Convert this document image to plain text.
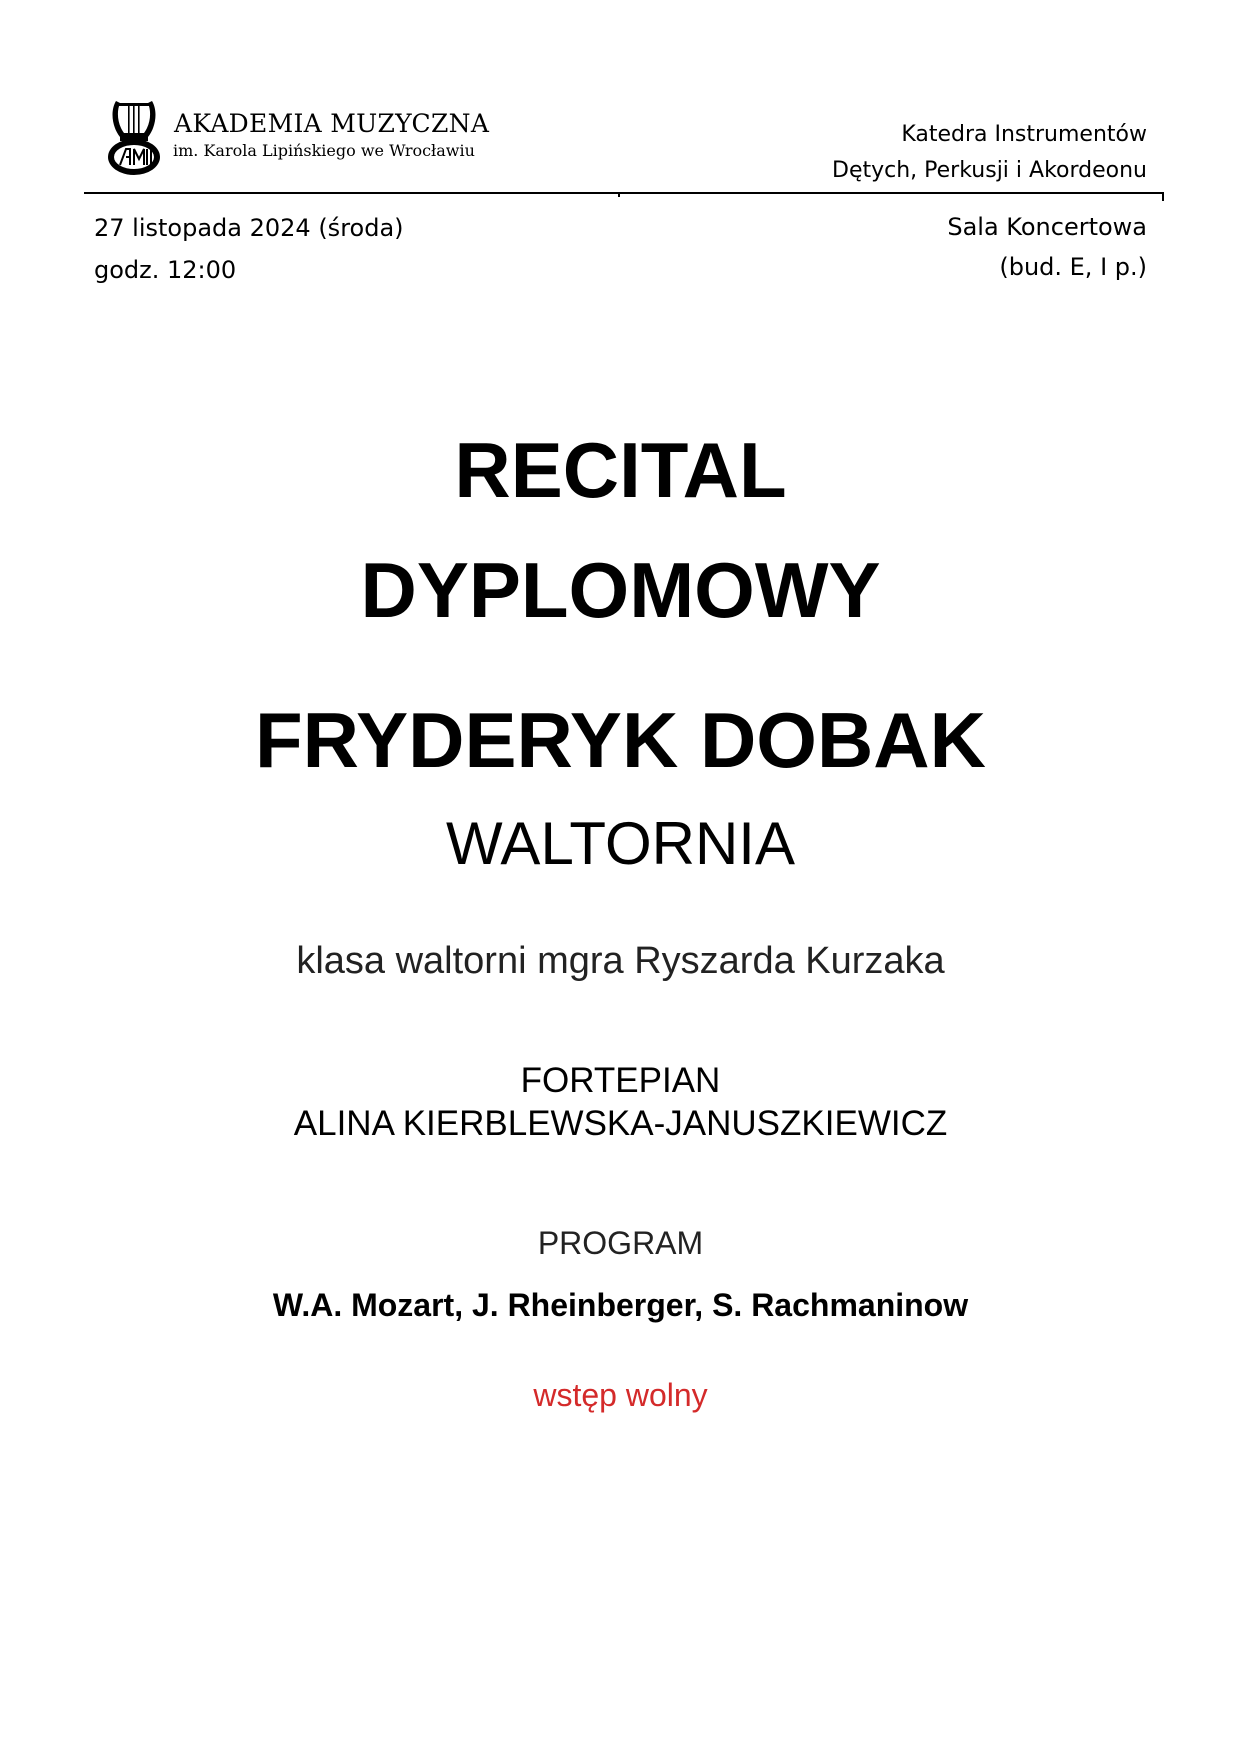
AKADEMIA MUZYCZNA
im. Karola Lipińskiego we Wrocławiu
Katedra Instrumentów
Dętych, Perkusji i Akordeonu
27 listopada 2024 (środa)
godz. 12:00
Sala Koncertowa
(bud. E, I p.)
RECITAL
DYPLOMOWY
FRYDERYK DOBAK
WALTORNIA
klasa waltorni mgra Ryszarda Kurzaka
FORTEPIAN
ALINA KIERBLEWSKA-JANUSZKIEWICZ
PROGRAM
W.A. Mozart, J. Rheinberger, S. Rachmaninow
wstęp wolny
